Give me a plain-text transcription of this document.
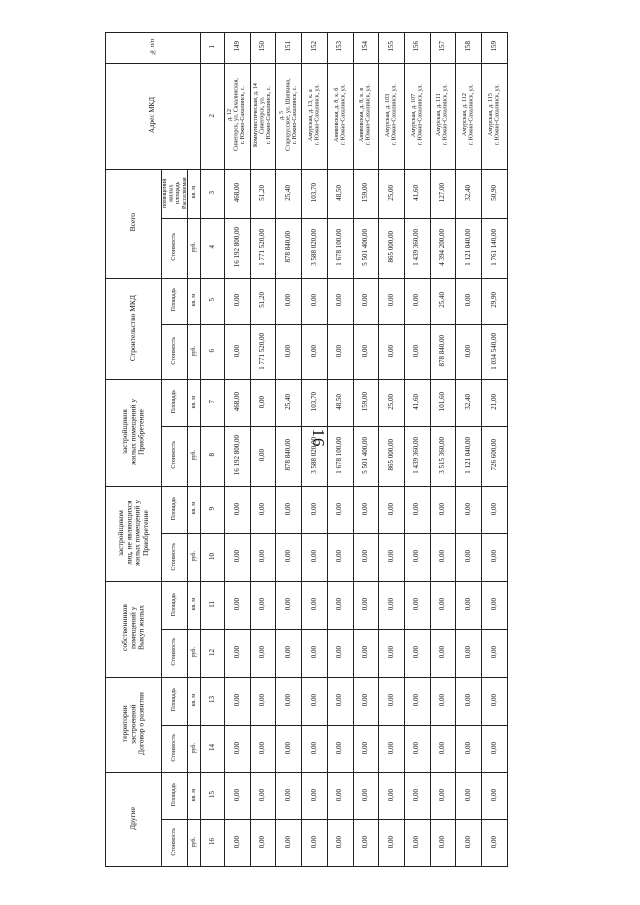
16
№ п/п			1	149	150	151	152	153	154	155	156	157	158	159
Адрес МКД			2	г. Южно-Сахалинск, с. Синегорск, ул. Сахалинская, д. 12	г. Южно-Сахалинск, с. Синегорск, ул. Коммунистическая, д. 14	г. Южно-Сахалинск, с. Старорусское, ул. Шипкина, д. 5	г. Южно-Сахалинск, ул. Амурская, д. 13, к. а	г. Южно-Сахалинск, ул. Анивовская, д. 8, к. б	г. Южно-Сахалинск, ул. Анивовская, д. 8, к. в	г. Южно-Сахалинск, ул. Амурская, д. 103	г. Южно-Сахалинск, ул. Амурская, д. 107	г. Южно-Сахалинск, ул. Амурская, д. 111	г. Южно-Сахалинск, ул. Амурская, д. 112	г. Южно-Сахалинск, ул. Амурская, д. 115
Всего	Расселяемая площадь жилых помещений	кв. м	3	468,00	51,20	25,40	103,70	48,50	159,00	25,00	41,60	127,00	32,40	50,90
	Стоимость	руб.	4	16 192 800,00	1 771 520,00	878 840,00	3 588 020,00	1 678 100,00	5 501 400,00	865 000,00	1 439 360,00	4 394 200,00	1 121 040,00	1 761 140,00
Строительство МКД	Площадь	кв. м	5	0,00	51,20	0,00	0,00	0,00	0,00	0,00	0,00	25,40	0,00	29,90
	Стоимость	руб.	6	0,00	1 771 520,00	0,00	0,00	0,00	0,00	0,00	0,00	878 840,00	0,00	1 034 540,00
Приобретение жилых помещений у застройщиков	Площадь	кв. м	7	468,00	0,00	25,40	103,70	48,50	159,00	25,00	41,60	101,60	32,40	21,00
	Стоимость	руб.	8	16 192 800,00	0,00	878 840,00	3 588 020,00	1 678 100,00	5 501 400,00	865 000,00	1 439 360,00	3 515 360,00	1 121 040,00	726 600,00
Приобретение жилых помещений у лиц, не являющихся застройщиком	Площадь	кв. м	9	0,00	0,00	0,00	0,00	0,00	0,00	0,00	0,00	0,00	0,00	0,00
	Стоимость	руб.	10	0,00	0,00	0,00	0,00	0,00	0,00	0,00	0,00	0,00	0,00	0,00
Выкуп жилых помещений у собственников	Площадь	кв. м	11	0,00	0,00	0,00	0,00	0,00	0,00	0,00	0,00	0,00	0,00	0,00
	Стоимость	руб.	12	0,00	0,00	0,00	0,00	0,00	0,00	0,00	0,00	0,00	0,00	0,00
Договор о развитии застроенной территории	Площадь	кв. м	13	0,00	0,00	0,00	0,00	0,00	0,00	0,00	0,00	0,00	0,00	0,00
	Стоимость	руб.	14	0,00	0,00	0,00	0,00	0,00	0,00	0,00	0,00	0,00	0,00	0,00
Другие	Площадь	кв. м	15	0,00	0,00	0,00	0,00	0,00	0,00	0,00	0,00	0,00	0,00	0,00
	Стоимость	руб.	16	0,00	0,00	0,00	0,00	0,00	0,00	0,00	0,00	0,00	0,00	0,00
